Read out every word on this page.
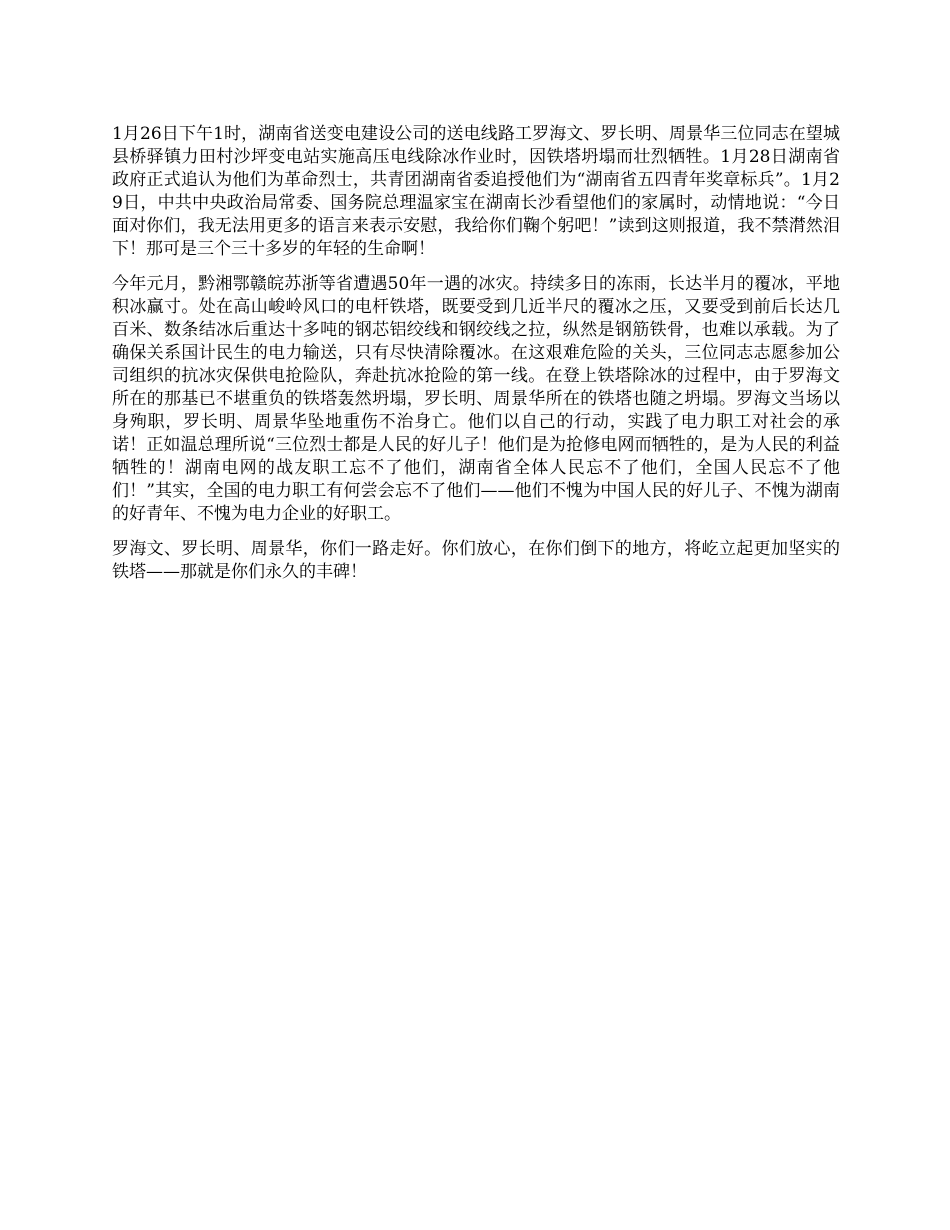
1月26日下午1时，湖南省送变电建设公司的送电线路工罗海文、罗长明、周景华三位同志在望城县桥驿镇力田村沙坪变电站实施高压电线除冰作业时，因铁塔坍塌而壮烈牺牲。1月28日湖南省政府正式追认为他们为革命烈士，共青团湖南省委追授他们为“湖南省五四青年奖章标兵”。1月29日，中共中央政治局常委、国务院总理温家宝在湖南长沙看望他们的家属时，动情地说：“今日面对你们，我无法用更多的语言来表示安慰，我给你们鞠个躬吧！”读到这则报道，我不禁潸然泪下！那可是三个三十多岁的年轻的生命啊！

今年元月，黔湘鄂赣皖苏浙等省遭遇50年一遇的冰灾。持续多日的冻雨，长达半月的覆冰，平地积冰赢寸。处在高山峻岭风口的电杆铁塔，既要受到几近半尺的覆冰之压，又要受到前后长达几百米、数条结冰后重达十多吨的钢芯铝绞线和钢绞线之拉，纵然是钢筋铁骨，也难以承载。为了确保关系国计民生的电力输送，只有尽快清除覆冰。在这艰难危险的关头，三位同志志愿参加公司组织的抗冰灾保供电抢险队，奔赴抗冰抢险的第一线。在登上铁塔除冰的过程中，由于罗海文所在的那基已不堪重负的铁塔轰然坍塌，罗长明、周景华所在的铁塔也随之坍塌。罗海文当场以身殉职，罗长明、周景华坠地重伤不治身亡。他们以自己的行动，实践了电力职工对社会的承诺！正如温总理所说“三位烈士都是人民的好儿子！他们是为抢修电网而牺牲的，是为人民的利益牺牲的！湖南电网的战友职工忘不了他们，湖南省全体人民忘不了他们，全国人民忘不了他们！”其实，全国的电力职工有何尝会忘不了他们——他们不愧为中国人民的好儿子、不愧为湖南的好青年、不愧为电力企业的好职工。

罗海文、罗长明、周景华，你们一路走好。你们放心，在你们倒下的地方，将屹立起更加坚实的铁塔——那就是你们永久的丰碑！
